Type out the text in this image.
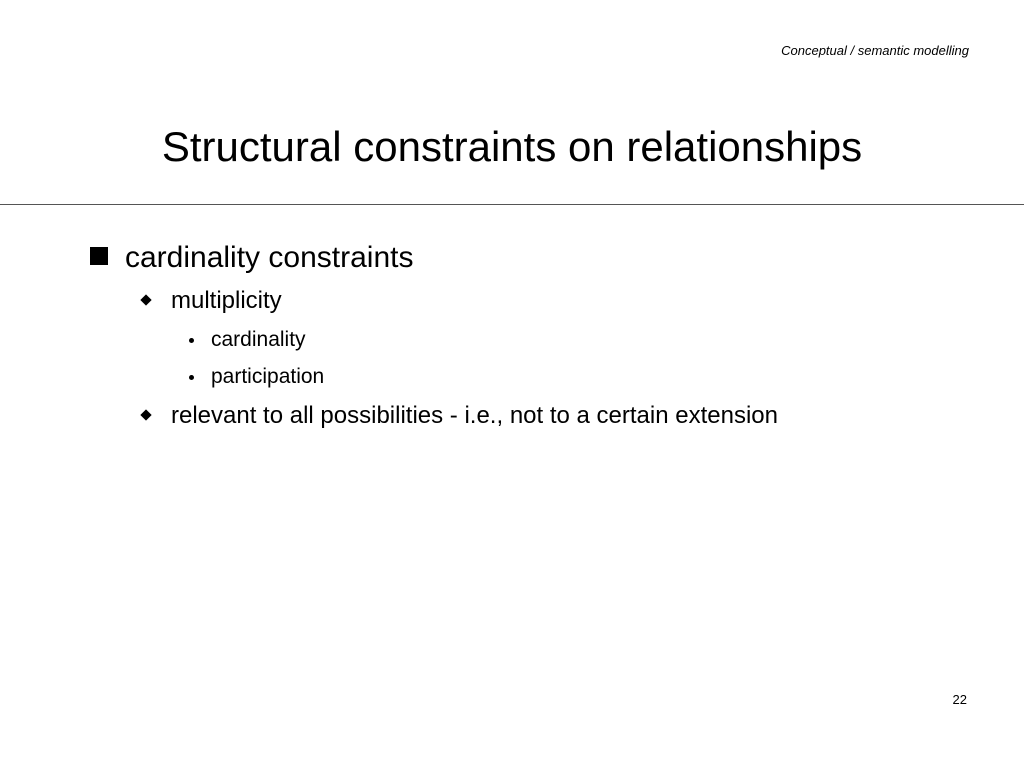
Conceptual / semantic modelling
Structural constraints on relationships
cardinality constraints
multiplicity
cardinality
participation
relevant to all possibilities - i.e., not to a certain extension
22
